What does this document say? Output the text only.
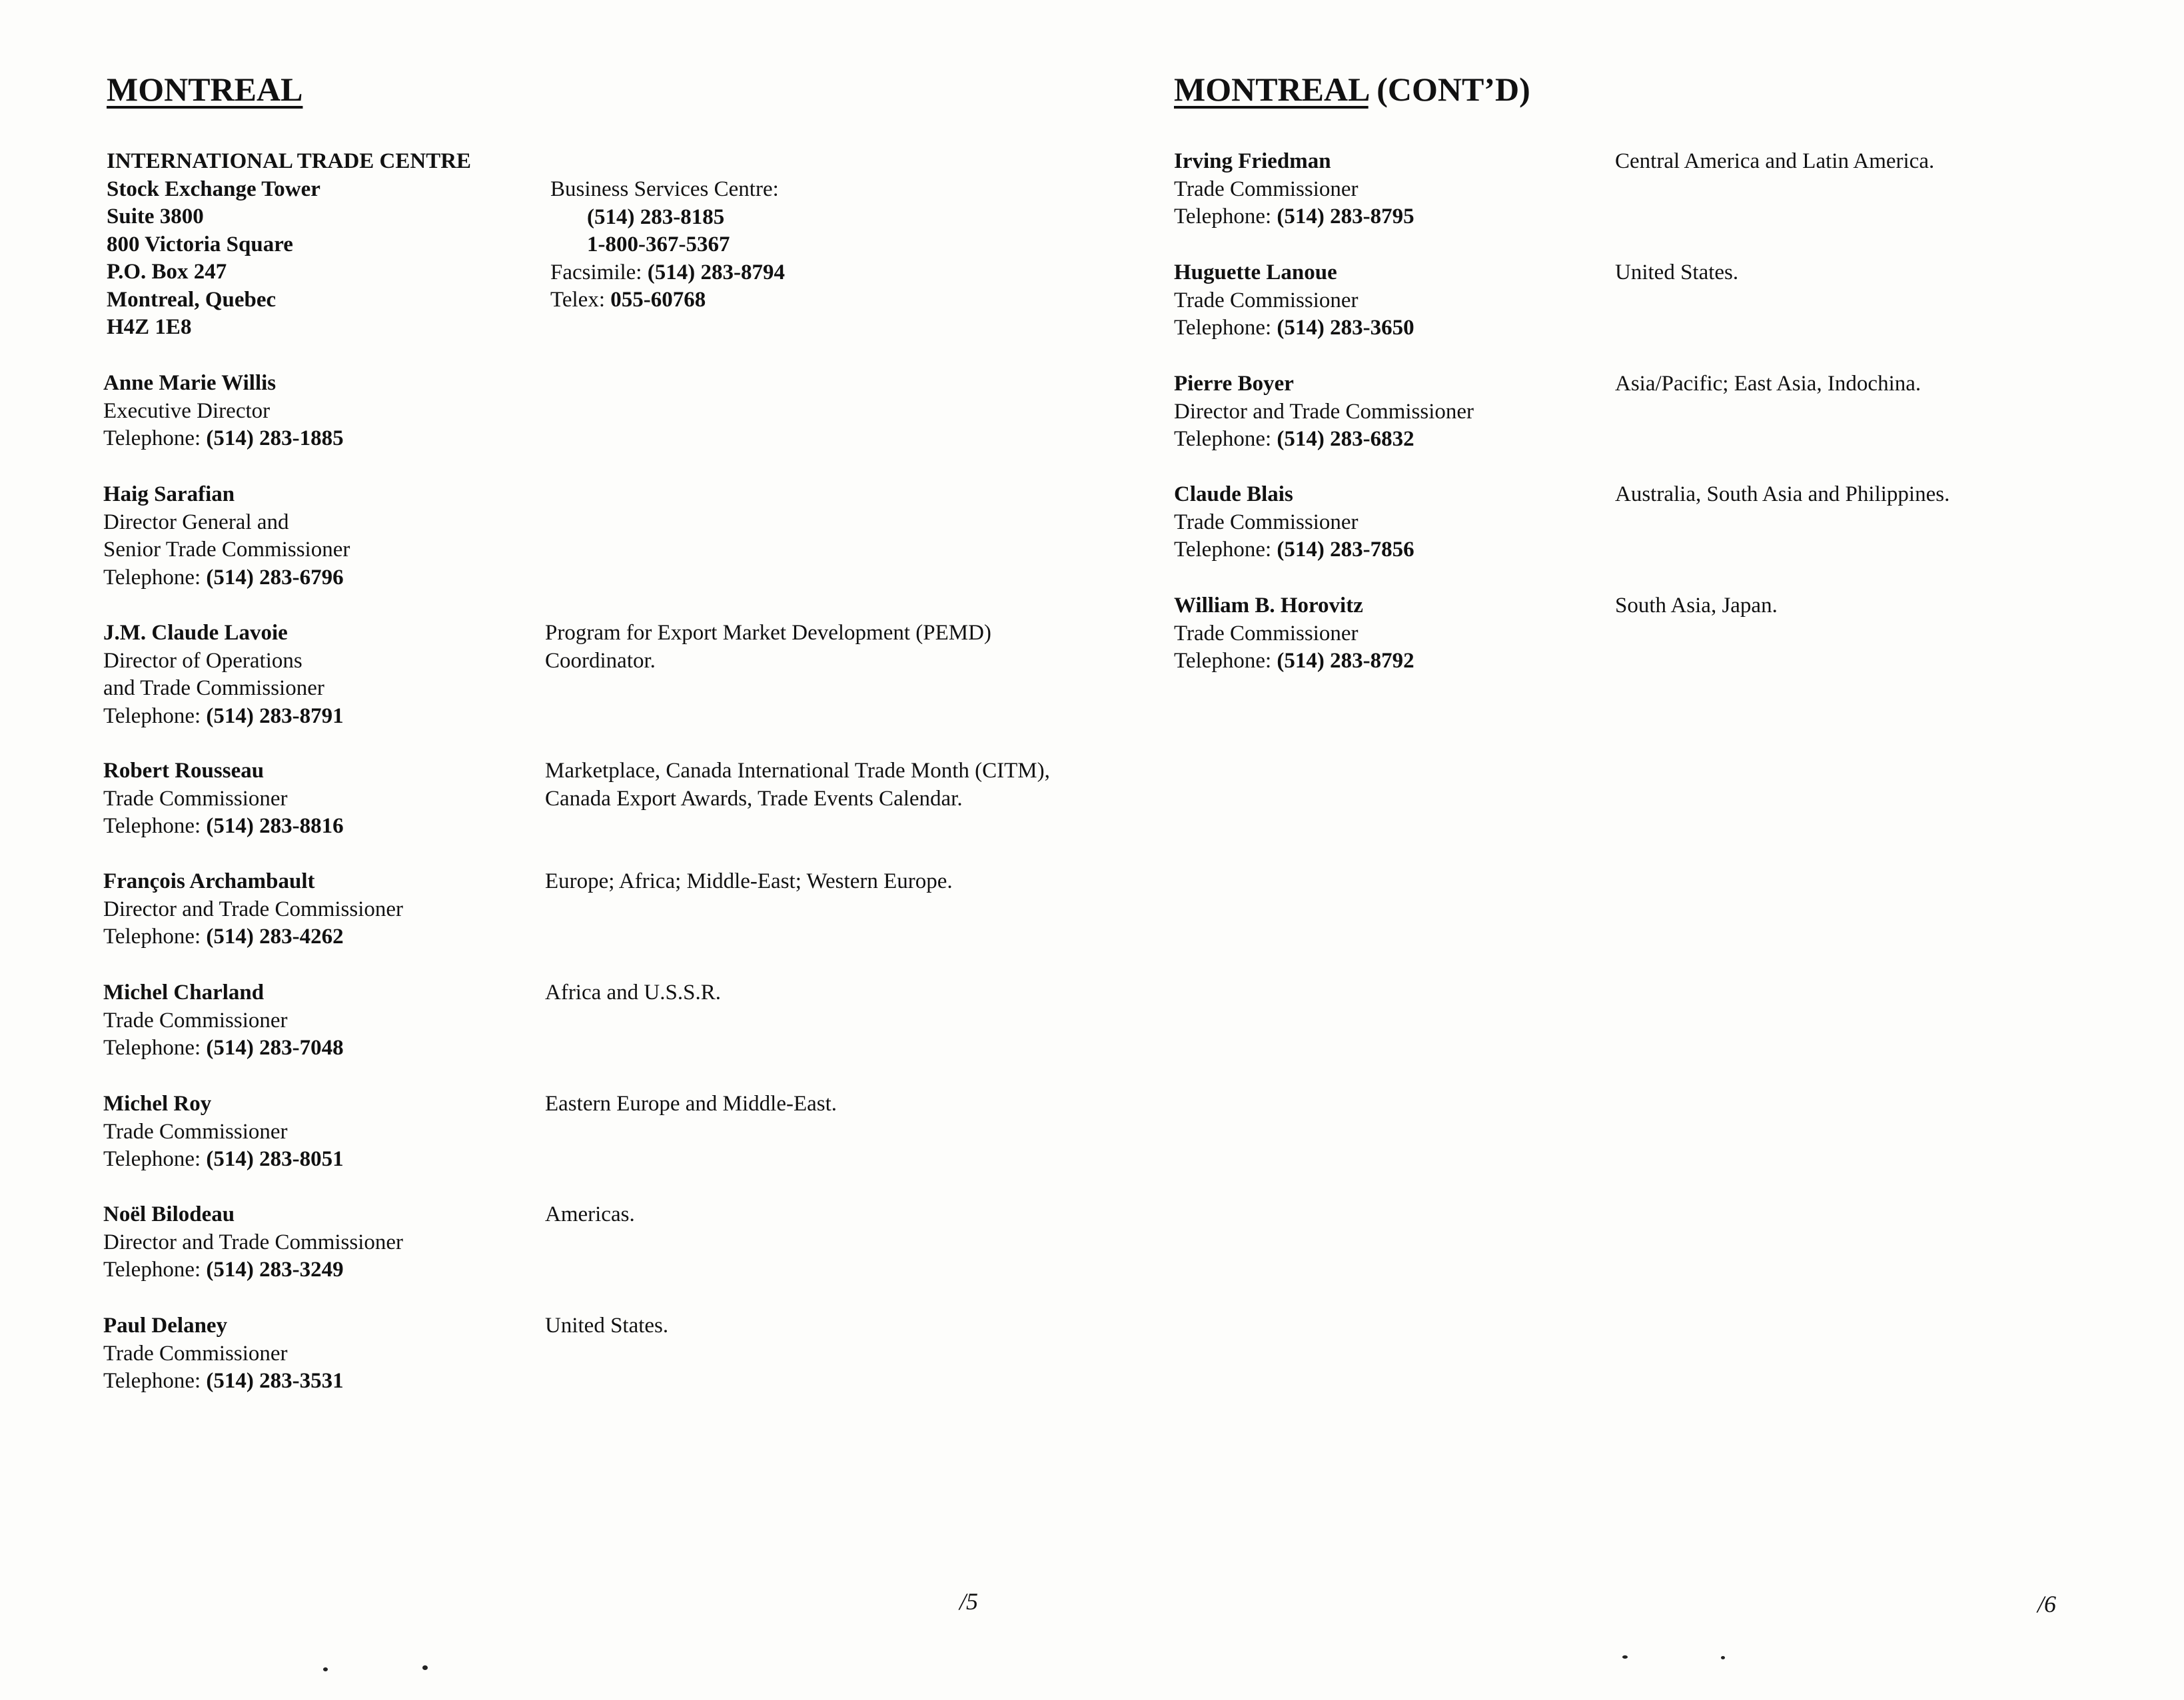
MONTREAL	MONTREAL (CONT’D)
INTERNATIONAL TRADE CENTRE
Stock Exchange Tower
Suite 3800
800 Victoria Square
P.O. Box 247
Montreal, Quebec
H4Z 1E8
Business Services Centre:
(514) 283-8185
1-800-367-5367
Facsimile: (514) 283-8794
Telex: 055-60768
Anne Marie Willis
Executive Director
Telephone: (514) 283-1885
Haig Sarafian
Director General and
Senior Trade Commissioner
Telephone: (514) 283-6796
J.M. Claude Lavoie
Director of Operations
and Trade Commissioner
Telephone: (514) 283-8791
Program for Export Market Development (PEMD)
Coordinator.
Robert Rousseau
Trade Commissioner
Telephone: (514) 283-8816
Marketplace, Canada International Trade Month (CITM),
Canada Export Awards, Trade Events Calendar.
François Archambault
Director and Trade Commissioner
Telephone: (514) 283-4262
Europe; Africa; Middle-East; Western Europe.
Michel Charland
Trade Commissioner
Telephone: (514) 283-7048
Africa and U.S.S.R.
Michel Roy
Trade Commissioner
Telephone: (514) 283-8051
Eastern Europe and Middle-East.
Noël Bilodeau
Director and Trade Commissioner
Telephone: (514) 283-3249
Americas.
Paul Delaney
Trade Commissioner
Telephone: (514) 283-3531
United States.
Irving Friedman
Trade Commissioner
Telephone: (514) 283-8795
Central America and Latin America.
Huguette Lanoue
Trade Commissioner
Telephone: (514) 283-3650
United States.
Pierre Boyer
Director and Trade Commissioner
Telephone: (514) 283-6832
Asia/Pacific; East Asia, Indochina.
Claude Blais
Trade Commissioner
Telephone: (514) 283-7856
Australia, South Asia and Philippines.
William B. Horovitz
Trade Commissioner
Telephone: (514) 283-8792
South Asia, Japan.
/5	/6
